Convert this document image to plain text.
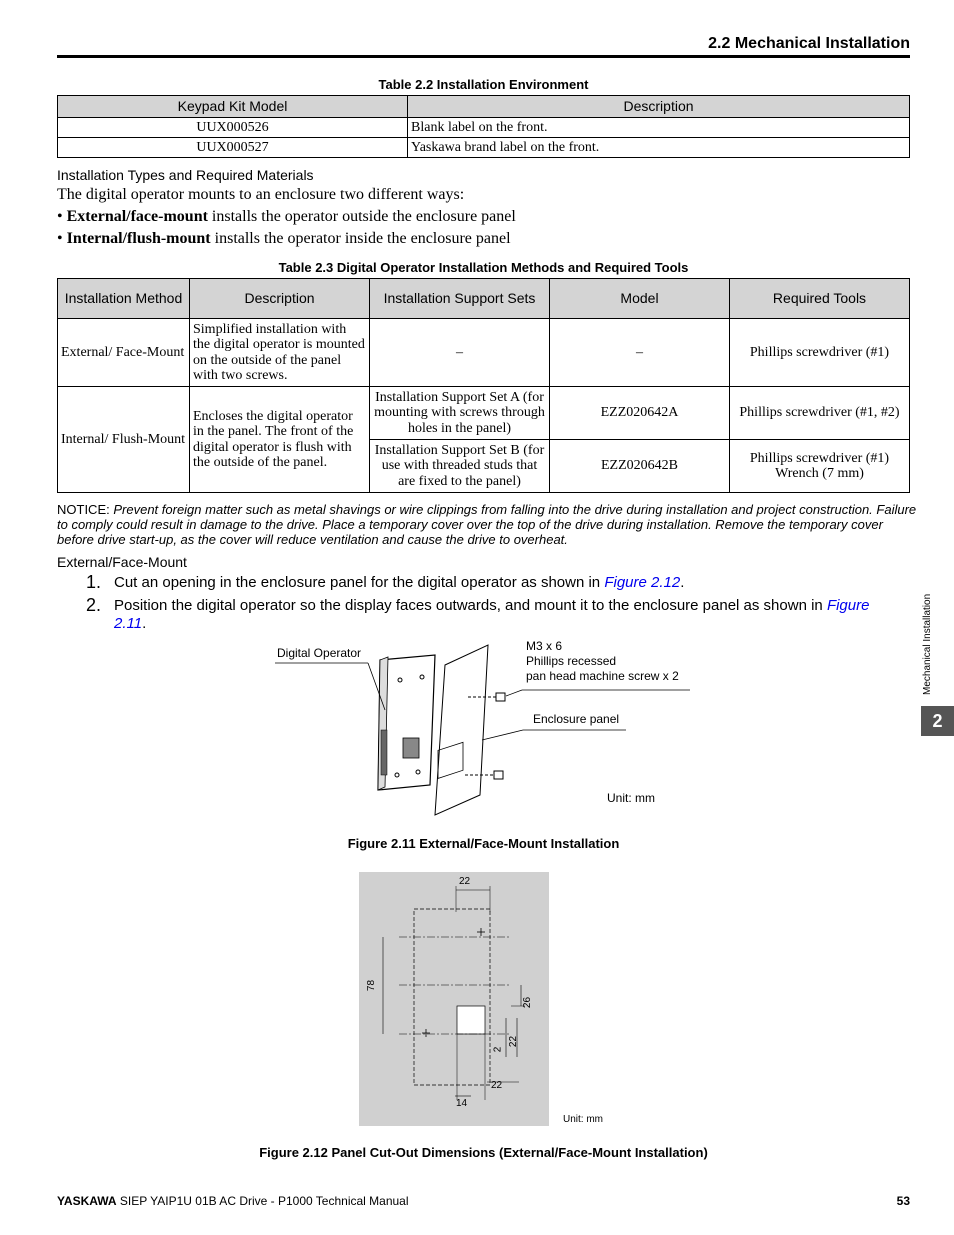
2.2 Mechanical Installation
Table 2.2 Installation Environment
Keypad Kit Model	Description
UUX000526	Blank label on the front.
UUX000527	Yaskawa brand label on the front.
Installation Types and Required Materials
The digital operator mounts to an enclosure two different ways:
• External/face-mount installs the operator outside the enclosure panel
• Internal/flush-mount installs the operator inside the enclosure panel
Table 2.3 Digital Operator Installation Methods and Required Tools
Installation Method	Description	Installation Support Sets	Model	Required Tools
External/ Face-Mount	Simplified installation with the digital operator is mounted on the outside of the panel with two screws.	–	–	Phillips screwdriver (#1)
Internal/ Flush-Mount	Encloses the digital operator in the panel. The front of the digital operator is flush with the outside of the panel.	Installation Support Set A (for mounting with screws through holes in the panel)	EZZ020642A	Phillips screwdriver (#1, #2)
		Installation Support Set B (for use with threaded studs that are fixed to the panel)	EZZ020642B	Phillips screwdriver (#1) Wrench (7 mm)
NOTICE: Prevent foreign matter such as metal shavings or wire clippings from falling into the drive during installation and project construction. Failure to comply could result in damage to the drive. Place a temporary cover over the top of the drive during installation. Remove the temporary cover before drive start-up, as the cover will reduce ventilation and cause the drive to overheat.
External/Face-Mount
1. Cut an opening in the enclosure panel for the digital operator as shown in Figure 2.12.
2. Position the digital operator so the display faces outwards, and mount it to the enclosure panel as shown in Figure 2.11.
Digital Operator	M3 x 6
Phillips recessed
pan head machine screw x 2
Enclosure panel
Unit: mm
Figure 2.11 External/Face-Mount Installation
22
78
26
2
22
22
14
Unit: mm
Figure 2.12 Panel Cut-Out Dimensions (External/Face-Mount Installation)
Mechanical Installation
2
YASKAWA SIEP YAIP1U 01B AC Drive - P1000 Technical Manual	53
